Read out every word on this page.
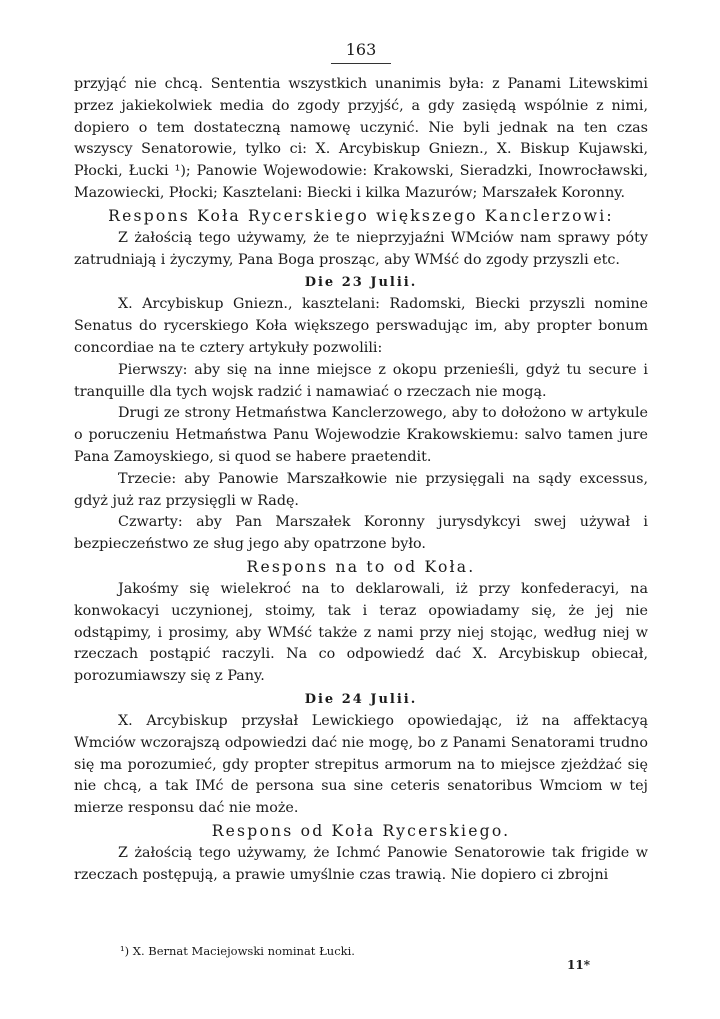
163

przyjąć nie chcą. Sententia wszystkich unanimis była: z Panami Litewskimi przez jakiekolwiek media do zgody przyjść, a gdy zasiędą wspólnie z nimi, dopiero o tem dostateczną namowę uczynić. Nie byli jednak na ten czas wszyscy Senatorowie, tylko ci: X. Arcybiskup Gniezn., X. Biskup Kujawski, Płocki, Łucki ¹); Panowie Wojewodowie: Krakowski, Sieradzki, Inowrocławski, Mazowiecki, Płocki; Kasztelani: Biecki i kilka Mazurów; Marszałek Koronny.

Respons Koła Rycerskiego większego Kanclerzowi:

Z żałością tego używamy, że te nieprzyjaźni WMciów nam sprawy póty zatrudniają i życzymy, Pana Boga prosząc, aby WMść do zgody przyszli etc.

Die 23 Julii.

X. Arcybiskup Gniezn., kasztelani: Radomski, Biecki przyszli nomine Senatus do rycerskiego Koła większego perswadując im, aby propter bonum concordiae na te cztery artykuły pozwolili:

Pierwszy: aby się na inne miejsce z okopu przenieśli, gdyż tu secure i tranquille dla tych wojsk radzić i namawiać o rzeczach nie mogą.

Drugi ze strony Hetmaństwa Kanclerzowego, aby to dołożono w artykule o poruczeniu Hetmaństwa Panu Wojewodzie Krakowskiemu: salvo tamen jure Pana Zamoyskiego, si quod se habere praetendit.

Trzecie: aby Panowie Marszałkowie nie przysięgali na sądy excessus, gdyż już raz przysięgli w Radę.

Czwarty: aby Pan Marszałek Koronny jurysdykcyi swej używał i bezpieczeństwo ze sług jego aby opatrzone było.

Respons na to od Koła.

Jakośmy się wielekroć na to deklarowali, iż przy konfederacyi, na konwokacyi uczynionej, stoimy, tak i teraz opowiadamy się, że jej nie odstąpimy, i prosimy, aby WMść także z nami przy niej stojąc, według niej w rzeczach postąpić raczyli. Na co odpowiedź dać X. Arcybiskup obiecał, porozumiawszy się z Pany.

Die 24 Julii.

X. Arcybiskup przysłał Lewickiego opowiedając, iż na affektacyą Wmciów wczorajszą odpowiedzi dać nie mogę, bo z Panami Senatorami trudno się ma porozumieć, gdy propter strepitus armorum na to miejsce zjeżdżać się nie chcą, a tak IMć de persona sua sine ceteris senatoribus Wmciom w tej mierze responsu dać nie może.

Respons od Koła Rycerskiego.

Z żałością tego używamy, że Ichmć Panowie Senatorowie tak frigide w rzeczach postępują, a prawie umyślnie czas trawią. Nie dopiero ci zbrojni

¹) X. Bernat Maciejowski nominat Łucki.
11*
